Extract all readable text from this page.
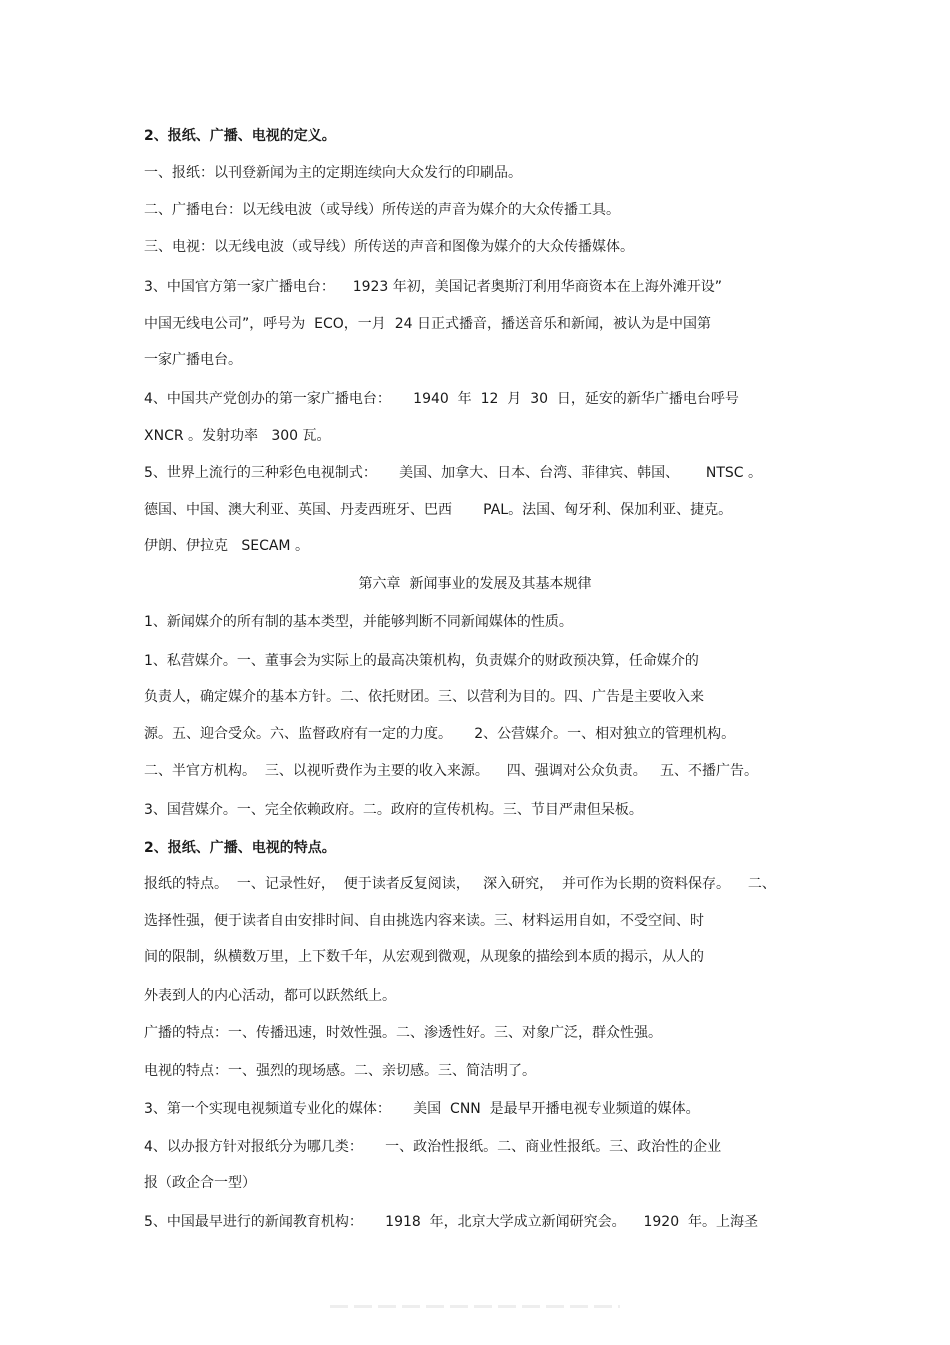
2、报纸、广播、电视的定义。
一、报纸：以刊登新闻为主的定期连续向大众发行的印刷品。
二、广播电台：以无线电波（或导线）所传送的声音为媒介的大众传播工具。
三、电视：以无线电波（或导线）所传送的声音和图像为媒介的大众传播媒体。
3、中国官方第一家广播电台：    1923 年初，美国记者奥斯汀利用华商资本在上海外滩开设”
中国无线电公司”，呼号为  ECO，一月  24 日正式播音，播送音乐和新闻，被认为是中国第
一家广播电台。
4、中国共产党创办的第一家广播电台：     1940  年  12  月  30  日，延安的新华广播电台呼号
XNCR 。发射功率   300 瓦。
5、世界上流行的三种彩色电视制式：     美国、加拿大、日本、台湾、菲律宾、韩国、      NTSC 。
德国、中国、澳大利亚、英国、丹麦西班牙、巴西       PAL。法国、匈牙利、保加利亚、捷克。
伊朗、伊拉克   SECAM 。
第六章  新闻事业的发展及其基本规律
1、新闻媒介的所有制的基本类型，并能够判断不同新闻媒体的性质。
1、私营媒介。一、董事会为实际上的最高决策机构，负责媒介的财政预决算，任命媒介的
负责人，确定媒介的基本方针。二、依托财团。三、以营利为目的。四、广告是主要收入来
源。五、迎合受众。六、监督政府有一定的力度。     2、公营媒介。一、相对独立的管理机构。
二、半官方机构。  三、以视听费作为主要的收入来源。    四、强调对公众负责。   五、不播广告。
3、国营媒介。一、完全依赖政府。二。政府的宣传机构。三、节目严肃但呆板。
2、报纸、广播、电视的特点。
报纸的特点。  一、记录性好，  便于读者反复阅读，   深入研究，  并可作为长期的资料保存。    二、
选择性强，便于读者自由安排时间、自由挑选内容来读。三、材料运用自如，不受空间、时
间的限制，纵横数万里，上下数千年，从宏观到微观，从现象的描绘到本质的揭示，从人的
外表到人的内心活动，都可以跃然纸上。
广播的特点：一、传播迅速，时效性强。二、渗透性好。三、对象广泛，群众性强。
电视的特点：一、强烈的现场感。二、亲切感。三、简洁明了。
3、第一个实现电视频道专业化的媒体：     美国  CNN  是最早开播电视专业频道的媒体。
4、以办报方针对报纸分为哪几类：     一、政治性报纸。二、商业性报纸。三、政治性的企业
报（政企合一型）
5、中国最早进行的新闻教育机构：     1918  年，北京大学成立新闻研究会。    1920  年。上海圣
